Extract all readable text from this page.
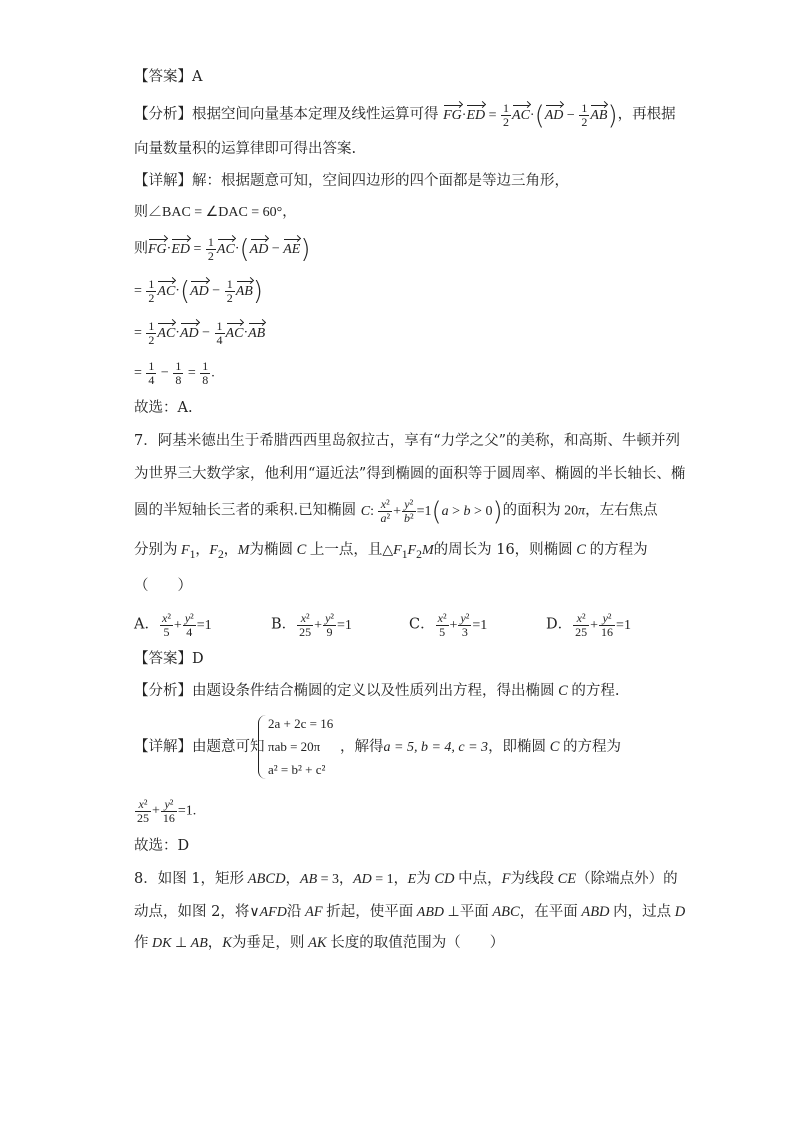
【答案】A
【分析】根据空间向量基本定理及线性运算可得 $FG\cdot ED = \frac{1}{2} AC\cdot(AD - \frac{1}{2} AB)$，再根据
向量数量积的运算律即可得出答案.
【详解】解：根据题意可知，空间四边形的四个面都是等边三角形，
则∠BAC = ∠DAC = 60°，
则$FG\cdot ED = \frac{1}{2} AC\cdot(AD - AE)$
= $\frac{1}{2} AC\cdot(AD - \frac{1}{2} AB)$
= $\frac{1}{2} AC\cdot AD - \frac{1}{4} AC\cdot AB$
= $\frac{1}{4} - \frac{1}{8} = \frac{1}{8}$ .
故选：A.
7．阿基米德出生于希腊西西里岛叙拉古，享有“力学之父”的美称，和高斯、牛顿并列
为世界三大数学家，他利用“逼近法”得到椭圆的面积等于圆周率、椭圆的半长轴长、椭
圆的半短轴长三者的乘积.已知椭圆 C: $\frac{\text{x²}}{\text{a²}} + \frac{\text{y²}}{\text{b²}} =1(a > b > 0)$的面积为 20π，左右焦点
分别为 $F_1$，$F_2$，M为椭圆 C 上一点，且$\triangle F_1F_2M$的周长为 16，则椭圆 C 的方程为
（　　）
A． $\frac{\text{x²}}{5} + \frac{\text{y²}}{4} =1$	B． $\frac{\text{x²}}{25} + \frac{\text{y²}}{9} =1$	C． $\frac{\text{x²}}{5} + \frac{\text{y²}}{3} =1$	D． $\frac{\text{x²}}{25} + \frac{\text{y²}}{16} =1$
【答案】D
【分析】由题设条件结合椭圆的定义以及性质列出方程，得出椭圆 C 的方程.
【详解】由题意可知
2a + 2c = 16
πab = 20π
a² = b² + c²
，解得a = 5, b = 4, c = 3，即椭圆 C 的方程为
$\frac{\text{x²}}{25} + \frac{\text{y²}}{16} =1$.
故选：D
8．如图 1，矩形 ABCD，AB = 3，AD = 1，E为 CD 中点，F为线段 CE（除端点外）的
动点，如图 2，将∨AFD沿 AF 折起，使平面 ABD ⊥平面 ABC，在平面 ABD 内，过点 D
作 DK ⊥ AB，K为垂足，则 AK 长度的取值范围为（　　）
